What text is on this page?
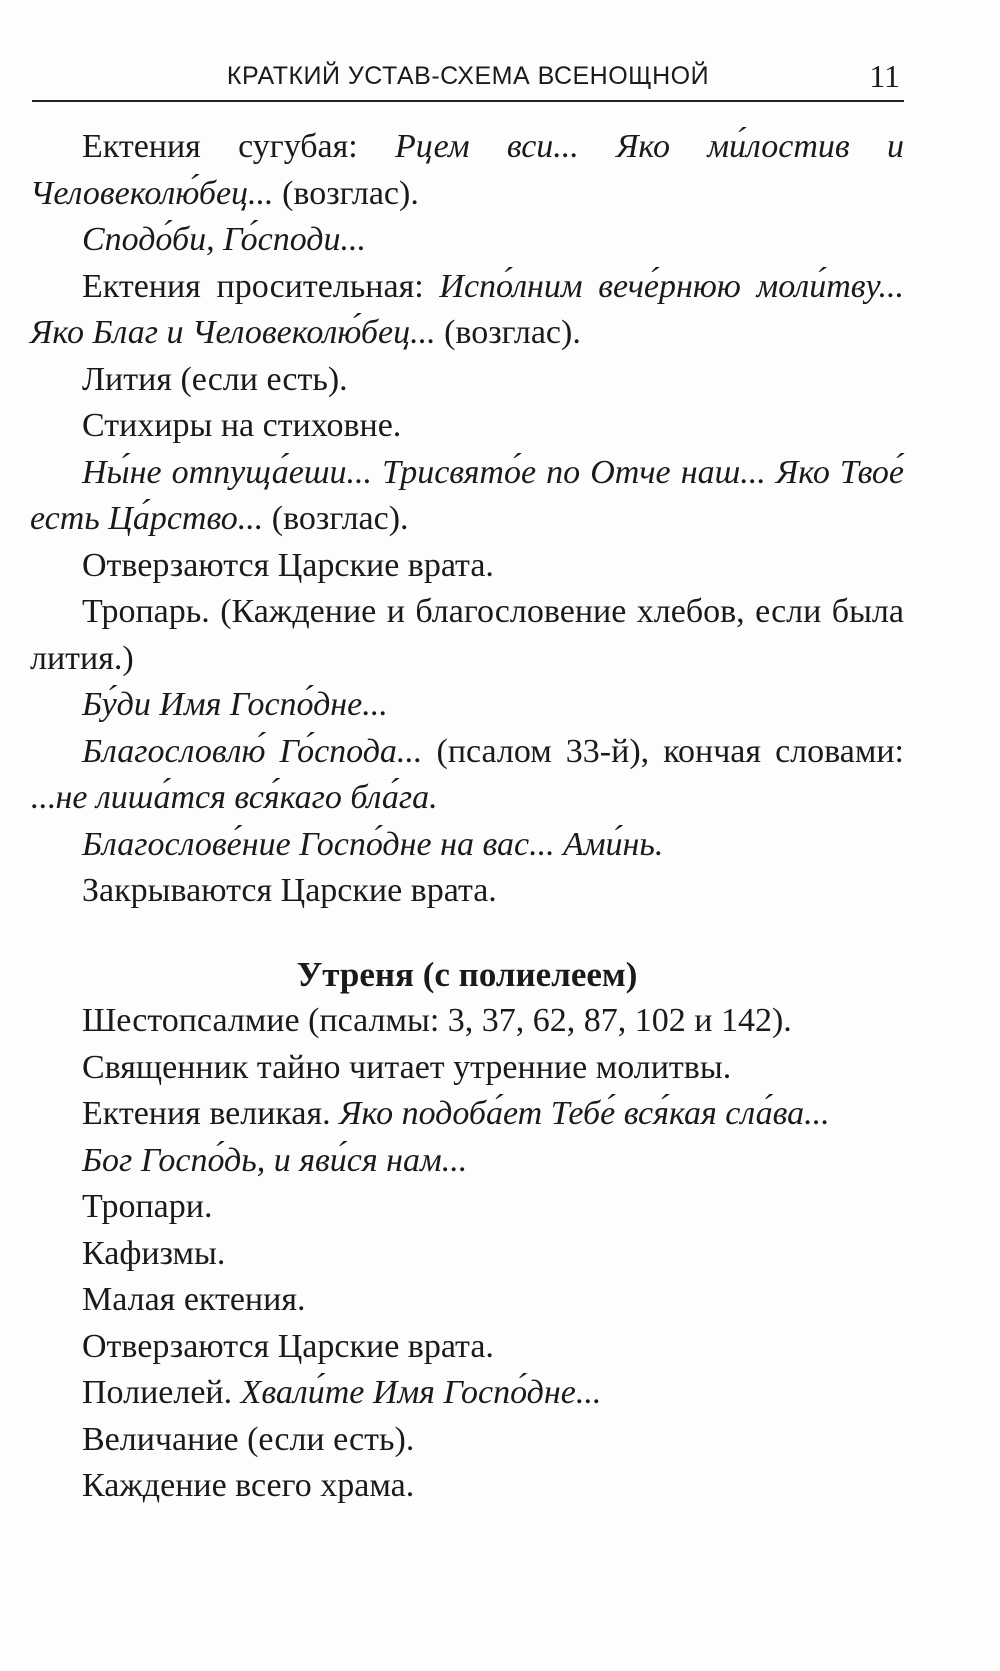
КРАТКИЙ УСТАВ-СХЕМА ВСЕНОЩНОЙ	11

Ектения сугубая: Рцем вси... Яко ми́лостив и Человеколю́бец... (возглас).

Сподо́би, Го́споди...

Ектения просительная: Испо́лним вече́рнюю моли́тву... Яко Благ и Человеколю́бец... (возглас).

Лития (если есть).

Стихиры на стиховне.

Ны́не отпуща́еши... Трисвято́е по Отче наш... Яко Твое́ есть Ца́рство... (возглас).

Отверзаются Царские врата.

Тропарь. (Каждение и благословение хлебов, если была лития.)

Бу́ди Имя Госпо́дне...

Благословлю́ Го́спода... (псалом 33-й), кончая словами: ...не лиша́тся вся́каго бла́га.

Благослове́ние Госпо́дне на вас... Ами́нь.

Закрываются Царские врата.

Утреня (с полиелеем)

Шестопсалмие (псалмы: 3, 37, 62, 87, 102 и 142).

Священник тайно читает утренние молитвы.

Ектения великая. Яко подоба́ет Тебе́ вся́кая сла́ва...

Бог Госпо́дь, и яви́ся нам...

Тропари.

Кафизмы.

Малая ектения.

Отверзаются Царские врата.

Полиелей. Хвали́те Имя Госпо́дне...

Величание (если есть).

Каждение всего храма.
